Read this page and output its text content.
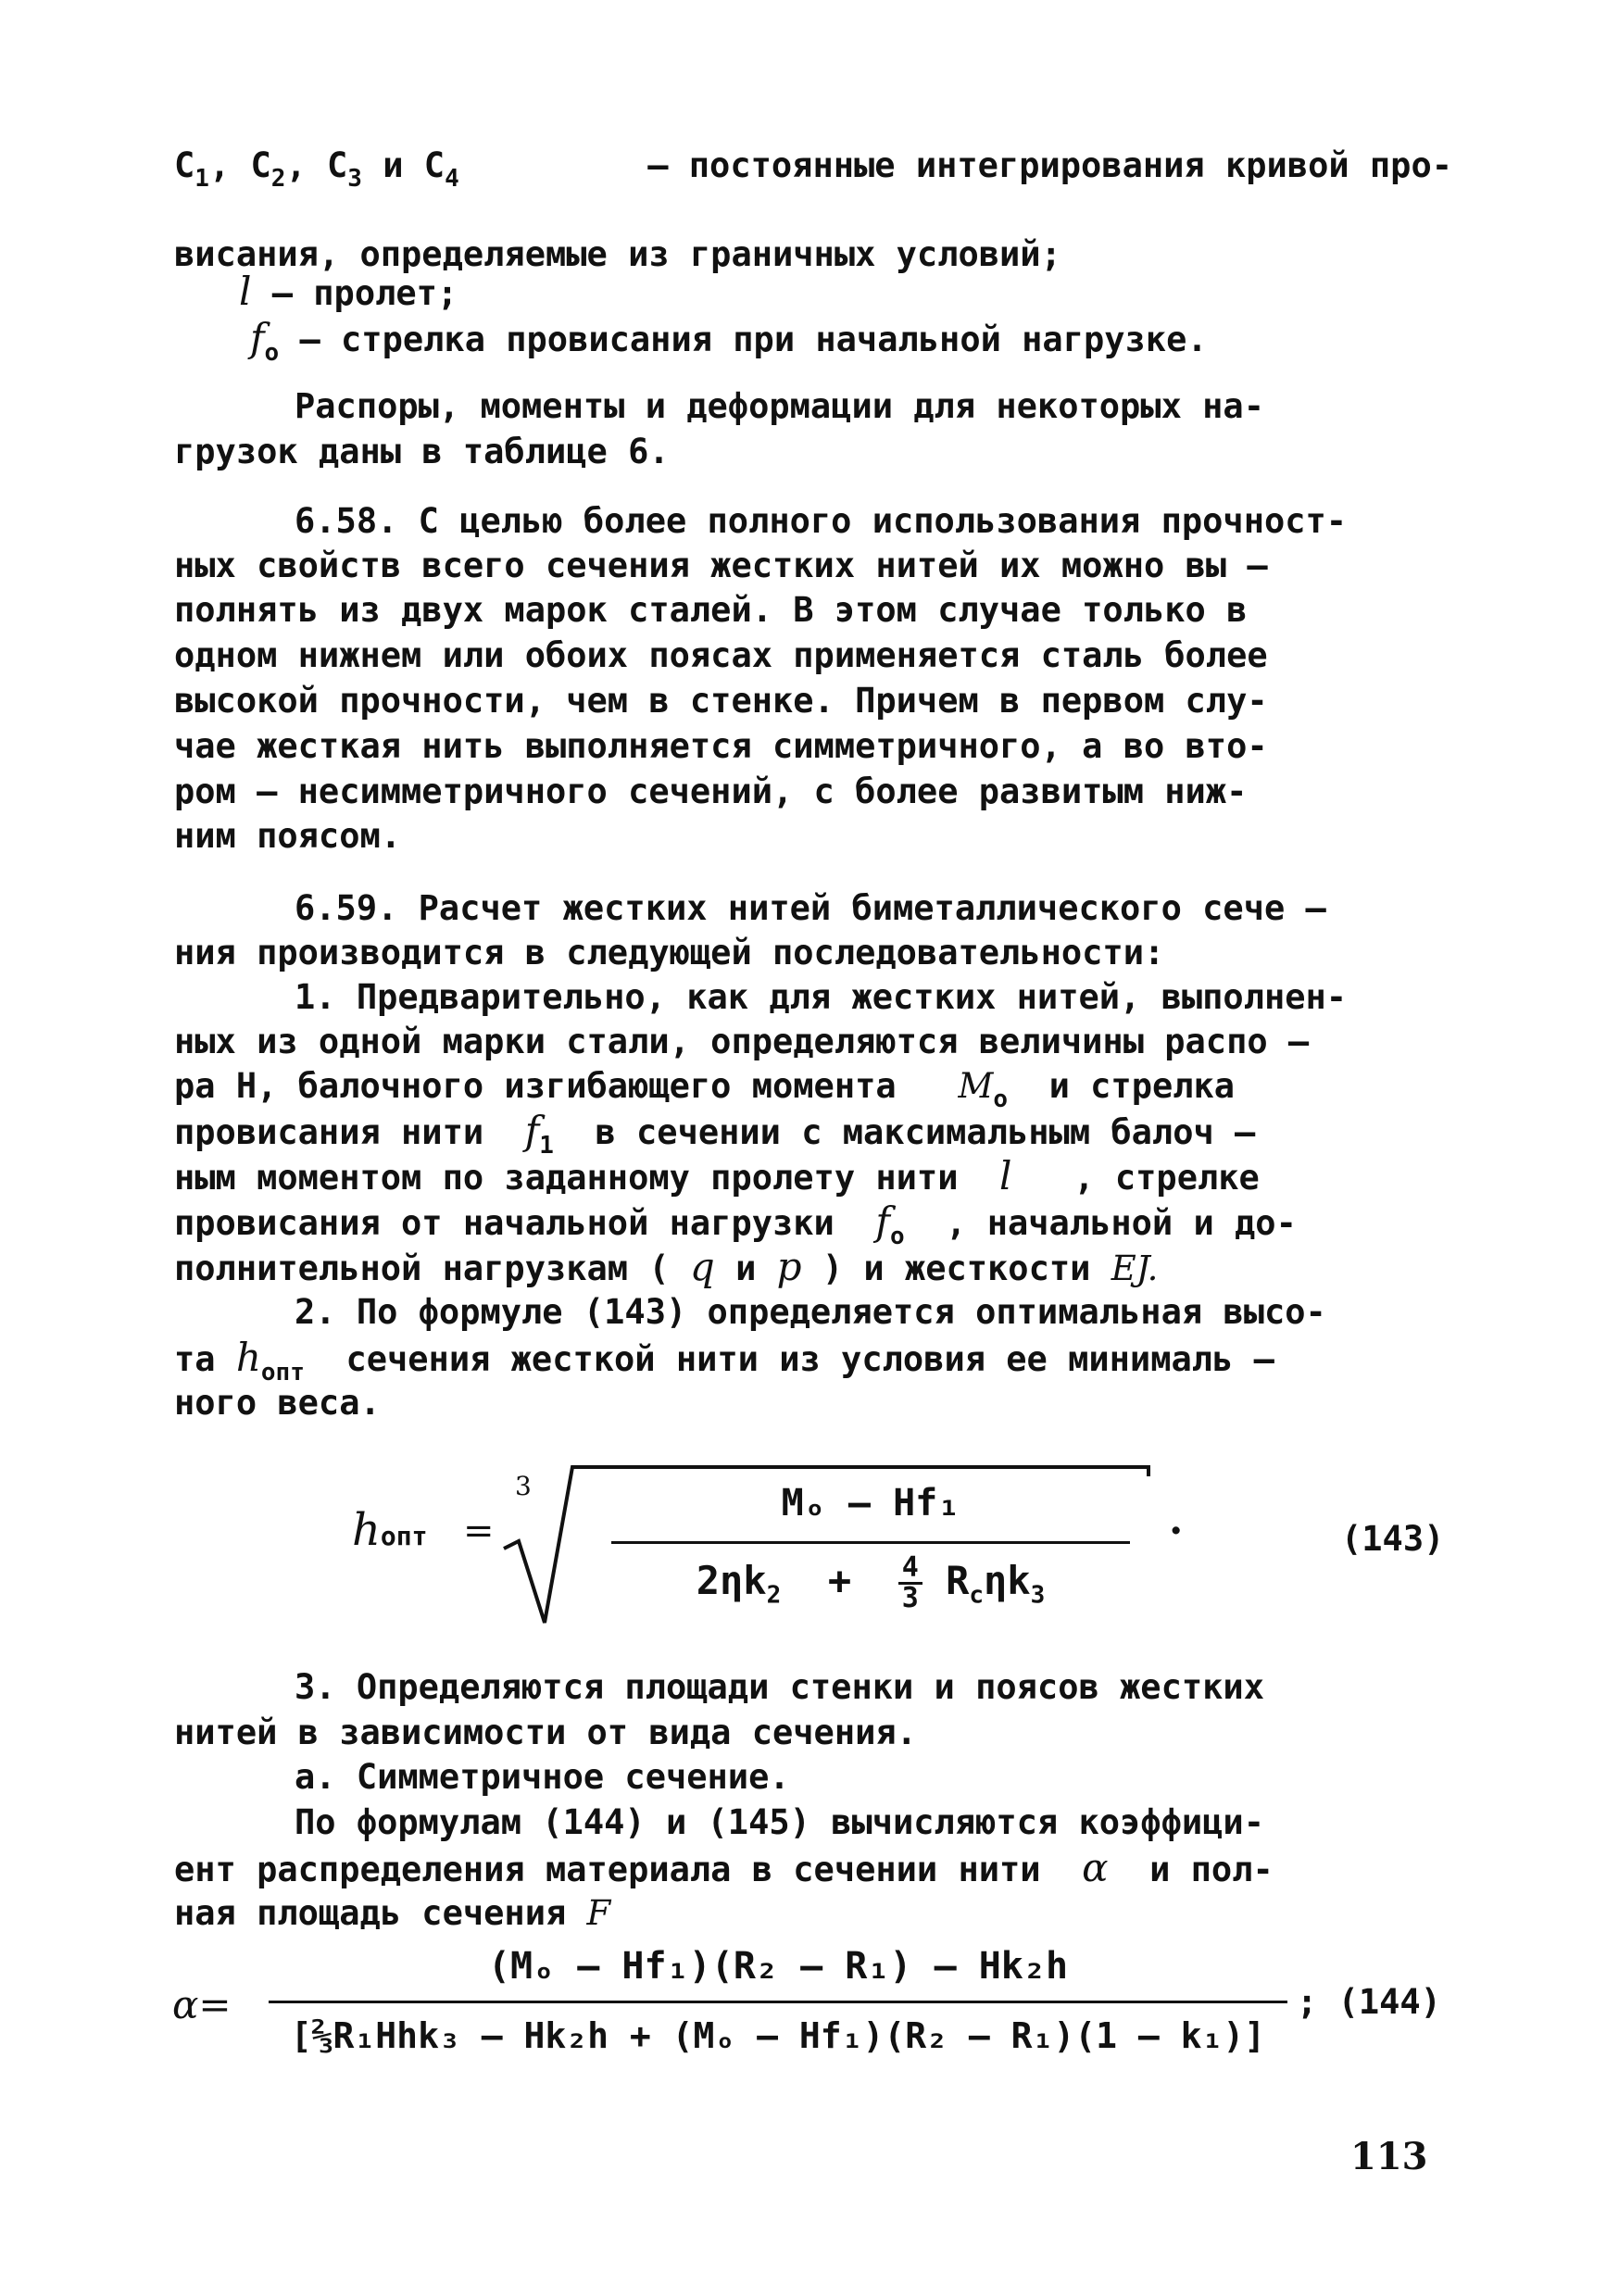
$C_1$, $C_2$, $C_3$ и $C_4$	– постоянные интегрирования кривой про-
висания, определяемые из граничных условий;
l – пролет;
$f_o$ – стрелка провисания при начальной нагрузке.
Распоры, моменты и деформации для некоторых на-
грузок даны в таблице 6.
6.58. С целью более полного использования прочност-
ных свойств всего сечения жестких нитей их можно вы –
полнять из двух марок сталей. В этом случае только в
одном нижнем или обоих поясах применяется сталь более
высокой прочности, чем в стенке. Причем в первом слу-
чае жесткая нить выполняется симметричного, а во вто-
ром – несимметричного сечений, с более развитым ниж-
ним поясом.
6.59. Расчет жестких нитей биметаллического сече –
ния производится в следующей последовательности:
1. Предварительно, как для жестких нитей, выполнен-
ных из одной марки стали, определяются величины распо –
ра Н, балочного изгибающего момента $M_o$ и стрелка
провисания нити $f_1$ в сечении с максимальным балоч –
ным моментом по заданному пролету нити l , стрелке
провисания от начальной нагрузки $f_o$ , начальной и до-
полнительной нагрузкам ( q и p ) и жесткости EJ.
2. По формуле (143) определяется оптимальная высо-
та $h_{опт}$ сечения жесткой нити из условия ее минималь –
ного веса.
hопт =
3	Mₒ – Hf₁
$2\eta k_2 + \frac{4}{3} R_c\eta k_3$
.	(143)
3. Определяются площади стенки и поясов жестких
нитей в зависимости от вида сечения.
а. Симметричное сечение.
По формулам (144) и (145) вычисляются коэффици-
ент распределения материала в сечении нити α и пол-
ная площадь сечения F
α=
(Mₒ – Hf₁)(R₂ – R₁) – Hk₂h
[⅔R₁Hhk₃ – Hk₂h + (Mₒ – Hf₁)(R₂ – R₁)(1 – k₁)]
; (144)
113
